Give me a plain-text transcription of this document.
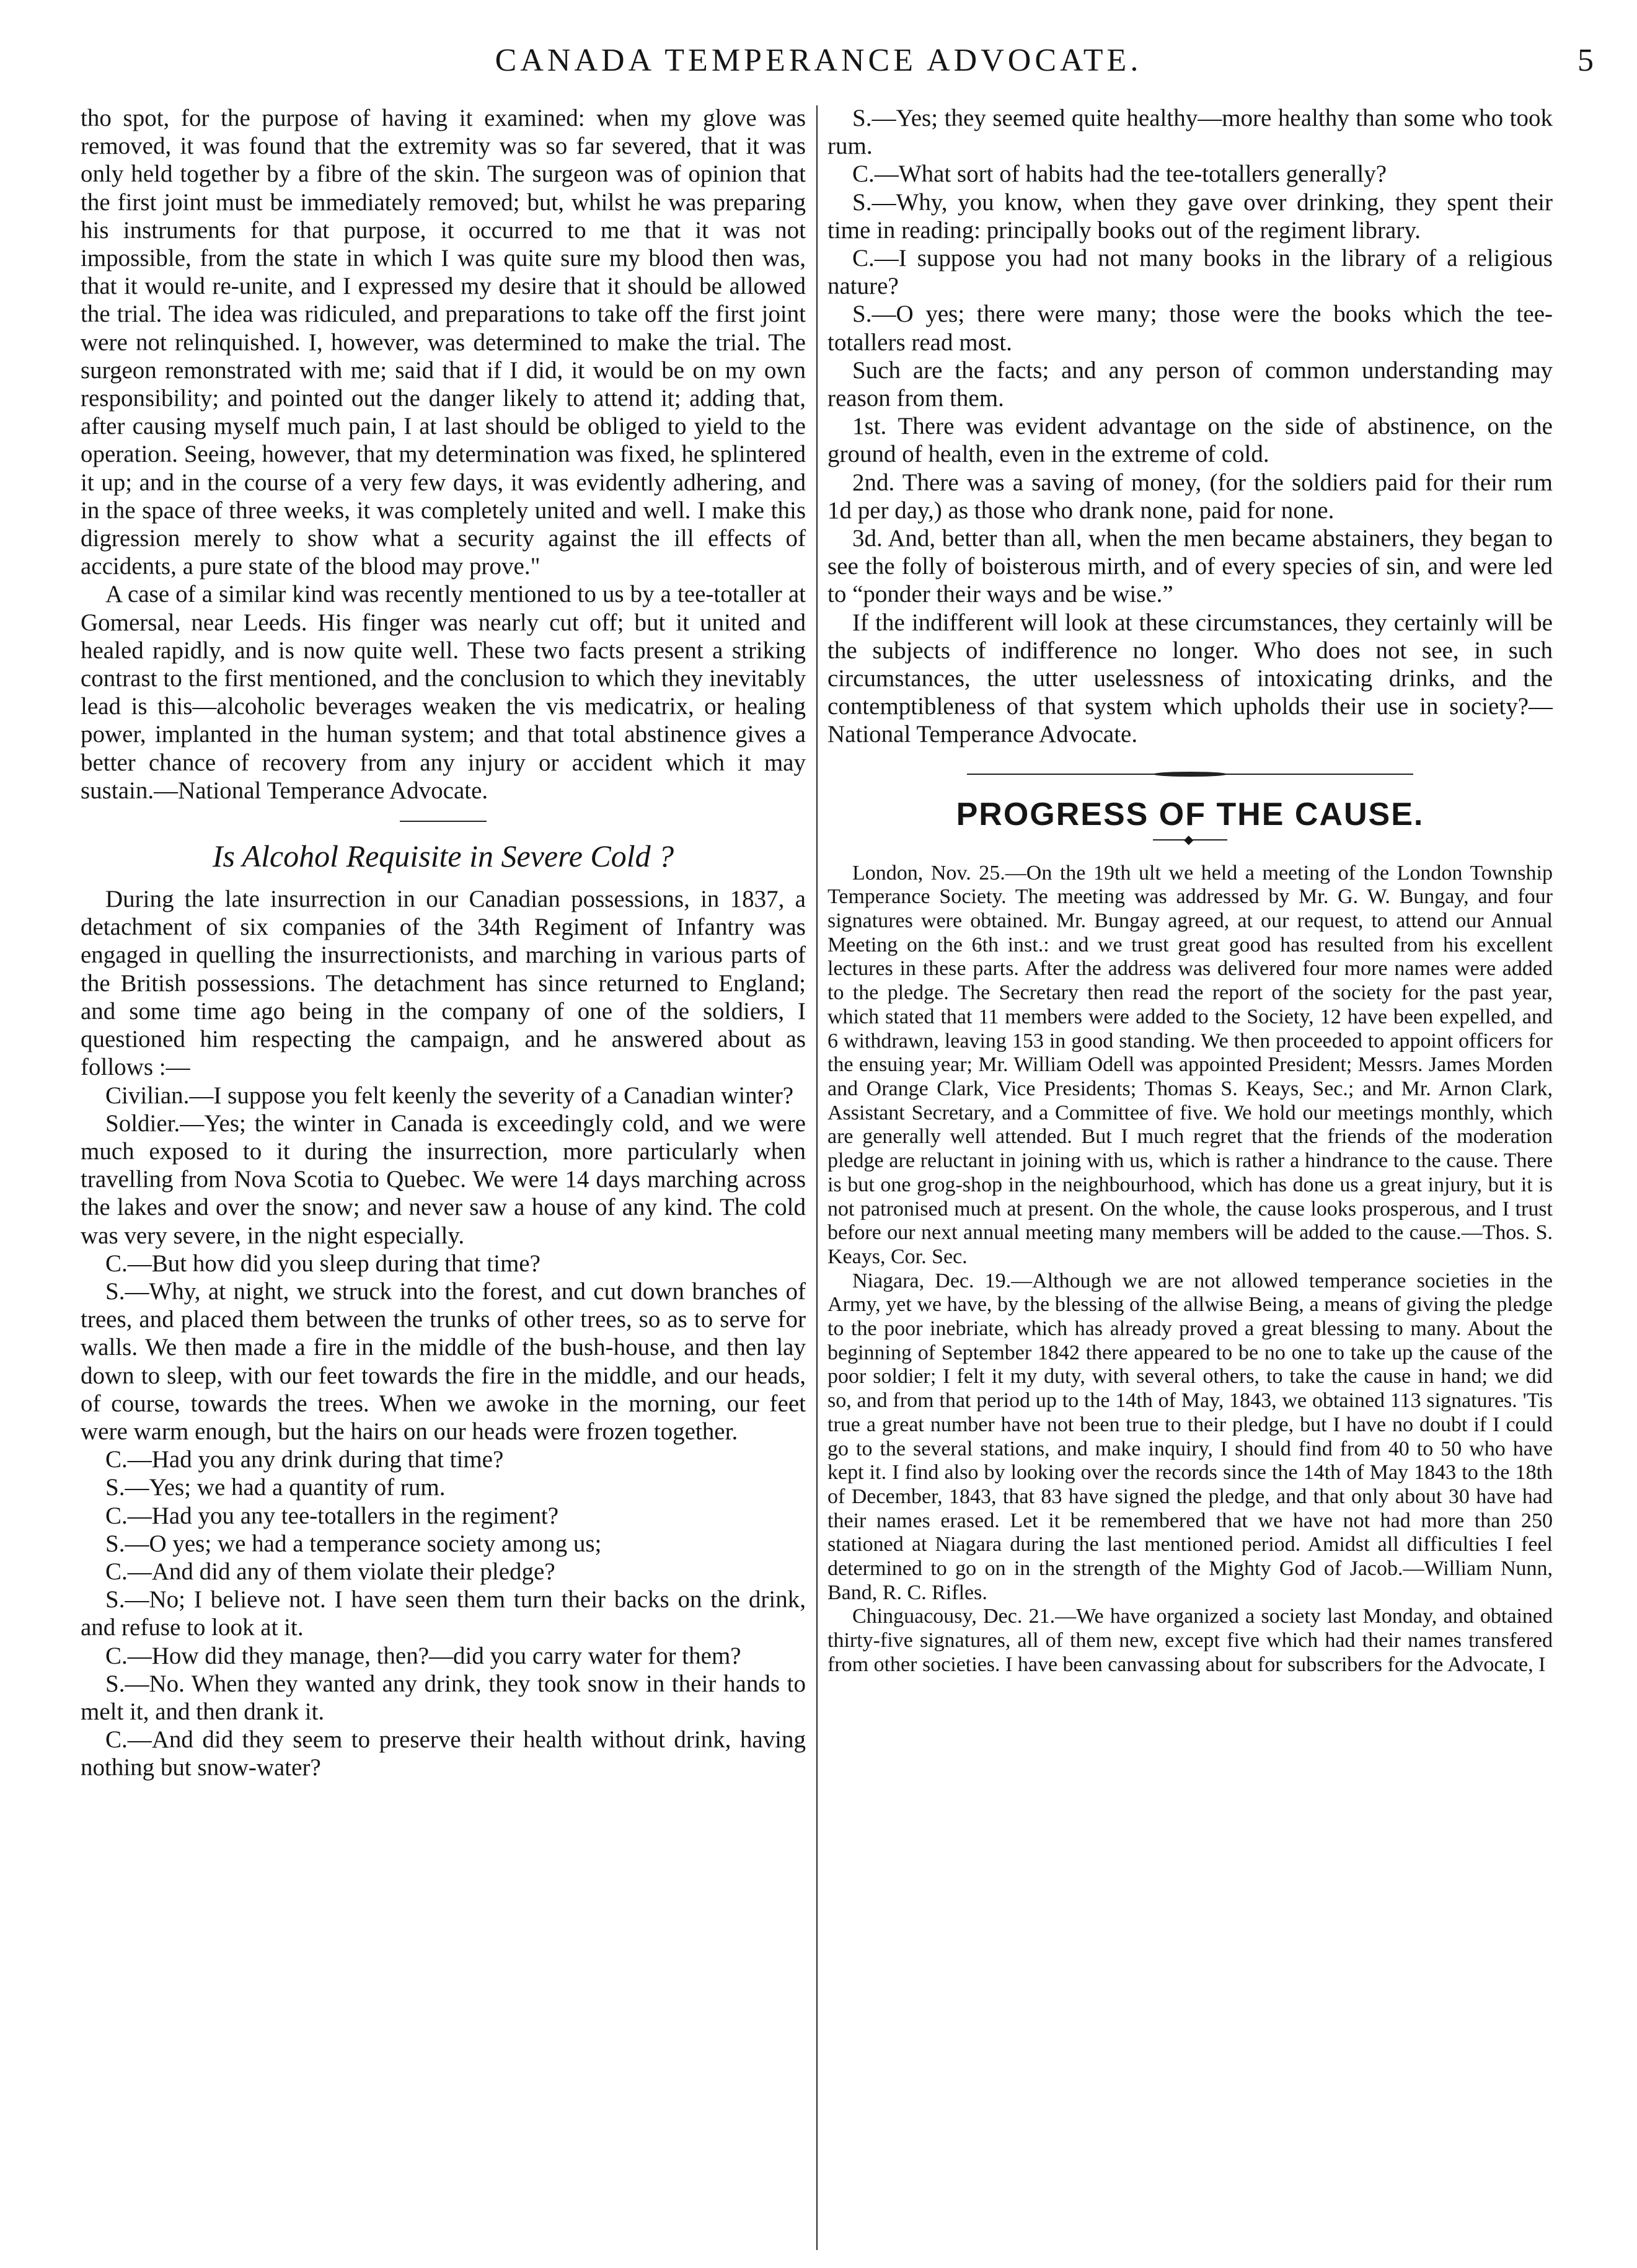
CANADA TEMPERANCE ADVOCATE.	5

tho spot, for the purpose of having it examined: when my glove was removed, it was found that the extremity was so far severed, that it was only held together by a fibre of the skin. The surgeon was of opinion that the first joint must be immediately removed; but, whilst he was preparing his instruments for that purpose, it occurred to me that it was not impossible, from the state in which I was quite sure my blood then was, that it would re-unite, and I expressed my desire that it should be allowed the trial. The idea was ridiculed, and preparations to take off the first joint were not relinquished. I, however, was determined to make the trial. The surgeon remonstrated with me; said that if I did, it would be on my own responsibility; and pointed out the danger likely to attend it; adding that, after causing myself much pain, I at last should be obliged to yield to the operation. Seeing, however, that my determination was fixed, he splintered it up; and in the course of a very few days, it was evidently adhering, and in the space of three weeks, it was completely united and well. I make this digression merely to show what a security against the ill effects of accidents, a pure state of the blood may prove."

A case of a similar kind was recently mentioned to us by a tee-totaller at Gomersal, near Leeds. His finger was nearly cut off; but it united and healed rapidly, and is now quite well. These two facts present a striking contrast to the first mentioned, and the conclusion to which they inevitably lead is this—alcoholic beverages weaken the vis medicatrix, or healing power, implanted in the human system; and that total abstinence gives a better chance of recovery from any injury or accident which it may sustain.—National Temperance Advocate.

Is Alcohol Requisite in Severe Cold ?

During the late insurrection in our Canadian possessions, in 1837, a detachment of six companies of the 34th Regiment of Infantry was engaged in quelling the insurrectionists, and marching in various parts of the British possessions. The detachment has since returned to England; and some time ago being in the company of one of the soldiers, I questioned him respecting the campaign, and he answered about as follows :—

Civilian.—I suppose you felt keenly the severity of a Canadian winter?

Soldier.—Yes; the winter in Canada is exceedingly cold, and we were much exposed to it during the insurrection, more particularly when travelling from Nova Scotia to Quebec. We were 14 days marching across the lakes and over the snow; and never saw a house of any kind. The cold was very severe, in the night especially.

C.—But how did you sleep during that time?

S.—Why, at night, we struck into the forest, and cut down branches of trees, and placed them between the trunks of other trees, so as to serve for walls. We then made a fire in the middle of the bush-house, and then lay down to sleep, with our feet towards the fire in the middle, and our heads, of course, towards the trees. When we awoke in the morning, our feet were warm enough, but the hairs on our heads were frozen together.

C.—Had you any drink during that time?

S.—Yes; we had a quantity of rum.

C.—Had you any tee-totallers in the regiment?

S.—O yes; we had a temperance society among us;

C.—And did any of them violate their pledge?

S.—No; I believe not. I have seen them turn their backs on the drink, and refuse to look at it.

C.—How did they manage, then?—did you carry water for them?

S.—No. When they wanted any drink, they took snow in their hands to melt it, and then drank it.

C.—And did they seem to preserve their health without drink, having nothing but snow-water?

S.—Yes; they seemed quite healthy—more healthy than some who took rum.

C.—What sort of habits had the tee-totallers generally?

S.—Why, you know, when they gave over drinking, they spent their time in reading: principally books out of the regiment library.

C.—I suppose you had not many books in the library of a religious nature?

S.—O yes; there were many; those were the books which the tee-totallers read most.

Such are the facts; and any person of common understanding may reason from them.

1st. There was evident advantage on the side of abstinence, on the ground of health, even in the extreme of cold.

2nd. There was a saving of money, (for the soldiers paid for their rum 1d per day,) as those who drank none, paid for none.

3d. And, better than all, when the men became abstainers, they began to see the folly of boisterous mirth, and of every species of sin, and were led to “ponder their ways and be wise.”

If the indifferent will look at these circumstances, they certainly will be the subjects of indifference no longer. Who does not see, in such circumstances, the utter uselessness of intoxicating drinks, and the contemptibleness of that system which upholds their use in society?—National Temperance Advocate.

PROGRESS OF THE CAUSE.
◆

London, Nov. 25.—On the 19th ult we held a meeting of the London Township Temperance Society. The meeting was addressed by Mr. G. W. Bungay, and four signatures were obtained. Mr. Bungay agreed, at our request, to attend our Annual Meeting on the 6th inst.: and we trust great good has resulted from his excellent lectures in these parts. After the address was delivered four more names were added to the pledge. The Secretary then read the report of the society for the past year, which stated that 11 members were added to the Society, 12 have been expelled, and 6 withdrawn, leaving 153 in good standing. We then proceeded to appoint officers for the ensuing year; Mr. William Odell was appointed President; Messrs. James Morden and Orange Clark, Vice Presidents; Thomas S. Keays, Sec.; and Mr. Arnon Clark, Assistant Secretary, and a Committee of five. We hold our meetings monthly, which are generally well attended. But I much regret that the friends of the moderation pledge are reluctant in joining with us, which is rather a hindrance to the cause. There is but one grog-shop in the neighbourhood, which has done us a great injury, but it is not patronised much at present. On the whole, the cause looks prosperous, and I trust before our next annual meeting many members will be added to the cause.—Thos. S. Keays, Cor. Sec.

Niagara, Dec. 19.—Although we are not allowed temperance societies in the Army, yet we have, by the blessing of the allwise Being, a means of giving the pledge to the poor inebriate, which has already proved a great blessing to many. About the beginning of September 1842 there appeared to be no one to take up the cause of the poor soldier; I felt it my duty, with several others, to take the cause in hand; we did so, and from that period up to the 14th of May, 1843, we obtained 113 signatures. 'Tis true a great number have not been true to their pledge, but I have no doubt if I could go to the several stations, and make inquiry, I should find from 40 to 50 who have kept it. I find also by looking over the records since the 14th of May 1843 to the 18th of December, 1843, that 83 have signed the pledge, and that only about 30 have had their names erased. Let it be remembered that we have not had more than 250 stationed at Niagara during the last mentioned period. Amidst all difficulties I feel determined to go on in the strength of the Mighty God of Jacob.—William Nunn, Band, R. C. Rifles.

Chinguacousy, Dec. 21.—We have organized a society last Monday, and obtained thirty-five signatures, all of them new, except five which had their names transfered from other societies. I have been canvassing about for subscribers for the Advocate, I
